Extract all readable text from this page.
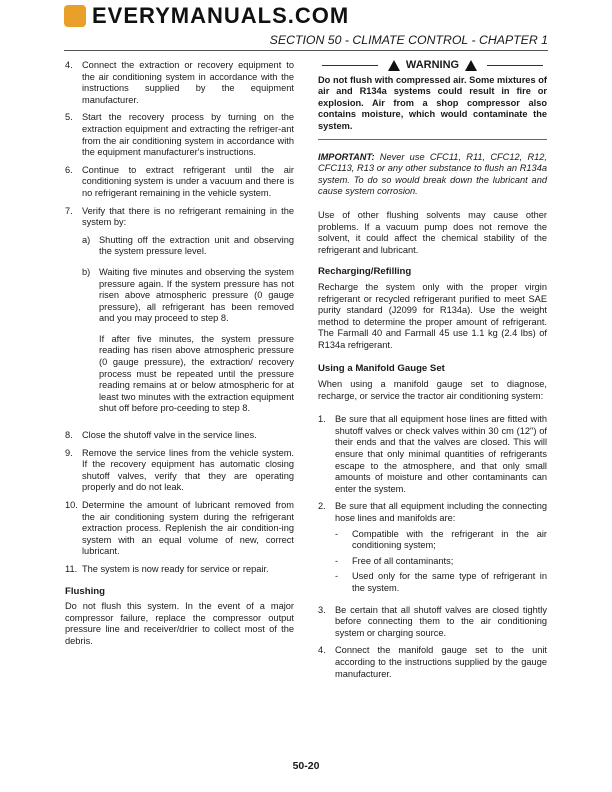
EVERYMANUALS.COM
SECTION 50 - CLIMATE CONTROL - CHAPTER 1
4.	Connect the extraction or recovery equipment to the air conditioning system in accordance with the instructions supplied by the equipment manufacturer.
5.	Start the recovery process by turning on the extraction equipment and extracting the refriger-ant from the air conditioning system in accordance with the equipment manufacturer's instructions.
6.	Continue to extract refrigerant until the air conditioning system is under a vacuum and there is no refrigerant remaining in the vehicle system.
7.	Verify that there is no refrigerant remaining in the system by:
a) Shutting off the extraction unit and observing the system pressure level.
b) Waiting five minutes and observing the system pressure again. If the system pressure has not risen above atmospheric pressure (0 gauge pressure), all refrigerant has been removed and you may proceed to step 8.

If after five minutes, the system pressure reading has risen above atmospheric pressure (0 gauge pressure), the extraction/ recovery process must be repeated until the pressure reading remains at or below atmospheric for at least two minutes with the extraction equipment shut off before pro-ceeding to step 8.

8.	Close the shutoff valve in the service lines.
9.	Remove the service lines from the vehicle system. If the recovery equipment has automatic closing shutoff valves, verify that they are operating properly and do not leak.
10. Determine the amount of lubricant removed from the air conditioning system during the refrigerant extraction process. Replenish the air condition-ing system with an equal volume of new, correct lubricant.
11. The system is now ready for service or repair.
Flushing

Do not flush this system. In the event of a major compressor failure, replace the compressor output pressure line and receiver/drier to collect most of the debris.

WARNING
Do not flush with compressed air. Some mixtures of air and R134a systems could result in fire or explosion. Air from a shop compressor also contains moisture, which would contaminate the system.
IMPORTANT: Never use CFC11, R11, CFC12, R12, CFC113, R13 or any other substance to flush an R134a system. To do so would break down the lubricant and cause system corrosion.

Use of other flushing solvents may cause other problems. If a vacuum pump does not remove the solvent, it could affect the chemical stability of the refrigerant and lubricant.

Recharging/Refilling

Recharge the system only with the proper virgin refrigerant or recycled refrigerant purified to meet SAE purity standard (J2099 for R134a). Use the weight method to determine the proper amount of refrigerant. The Farmall 40 and Farmall 45 use 1.1 kg (2.4 lbs) of R134a refrigerant.

Using a Manifold Gauge Set

When using a manifold gauge set to diagnose, recharge, or service the tractor air conditioning system:

1.	Be sure that all equipment hose lines are fitted with shutoff valves or check valves within 30 cm (12") of their ends and that the valves are closed. This will ensure that only minimal quantities of refrigerants escape to the atmosphere, and that only small amounts of moisture and other contaminants can enter the system.
2.	Be sure that all equipment including the connecting hose lines and manifolds are:
-	Compatible with the refrigerant in the air conditioning system;
-	Free of all contaminants;
-	Used only for the same type of refrigerant in the system.
3.	Be certain that all shutoff valves are closed tightly before connecting them to the air conditioning system or charging source.
4.	Connect the manifold gauge set to the unit according to the instructions supplied by the gauge manufacturer.
50-20
